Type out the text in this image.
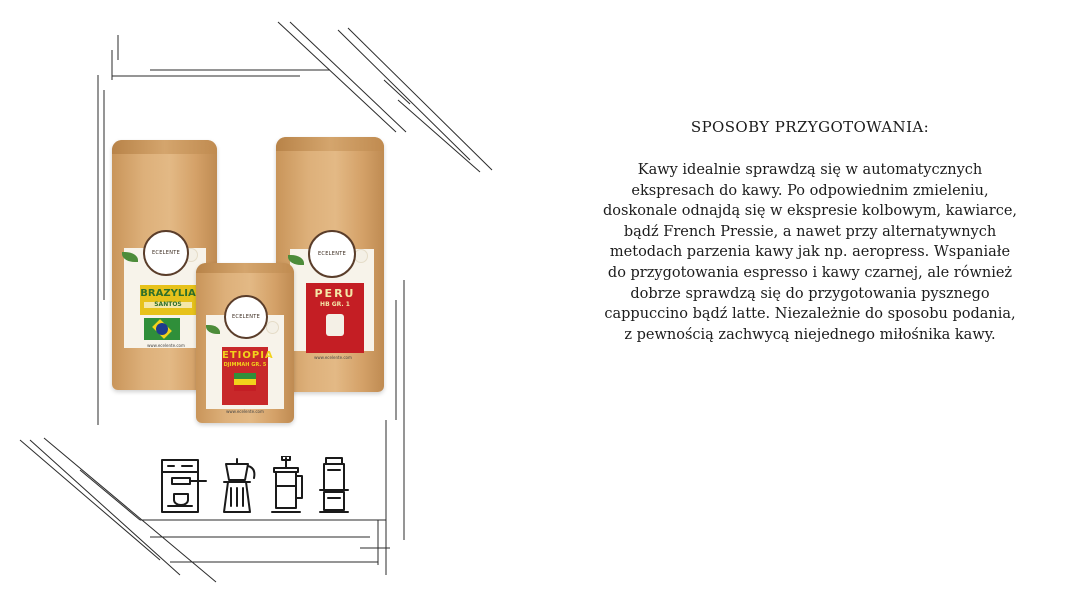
ECELENTE
BRAZYLIA
SANTOS
www.ecelente.com
ECELENTE
PERU
HB GR. 1
www.ecelente.com
ECELENTE
ETIOPIA
DJIMMAH GR. 5
www.ecelente.com
SPOSOBY PRZYGOTOWANIA:

Kawy idealnie sprawdzą się w automatycznych ekspresach do kawy. Po odpowiednim zmieleniu, doskonale odnajdą się w ekspresie kolbowym, kawiarce, bądź French Pressie, a nawet przy alternatywnych metodach parzenia kawy jak np. aeropress. Wspaniałe do przygotowania espresso i kawy czarnej, ale również dobrze sprawdzą się do przygotowania pysznego cappuccino bądź latte. Niezależnie do sposobu podania, z pewnością zachwycą niejednego miłośnika kawy.
